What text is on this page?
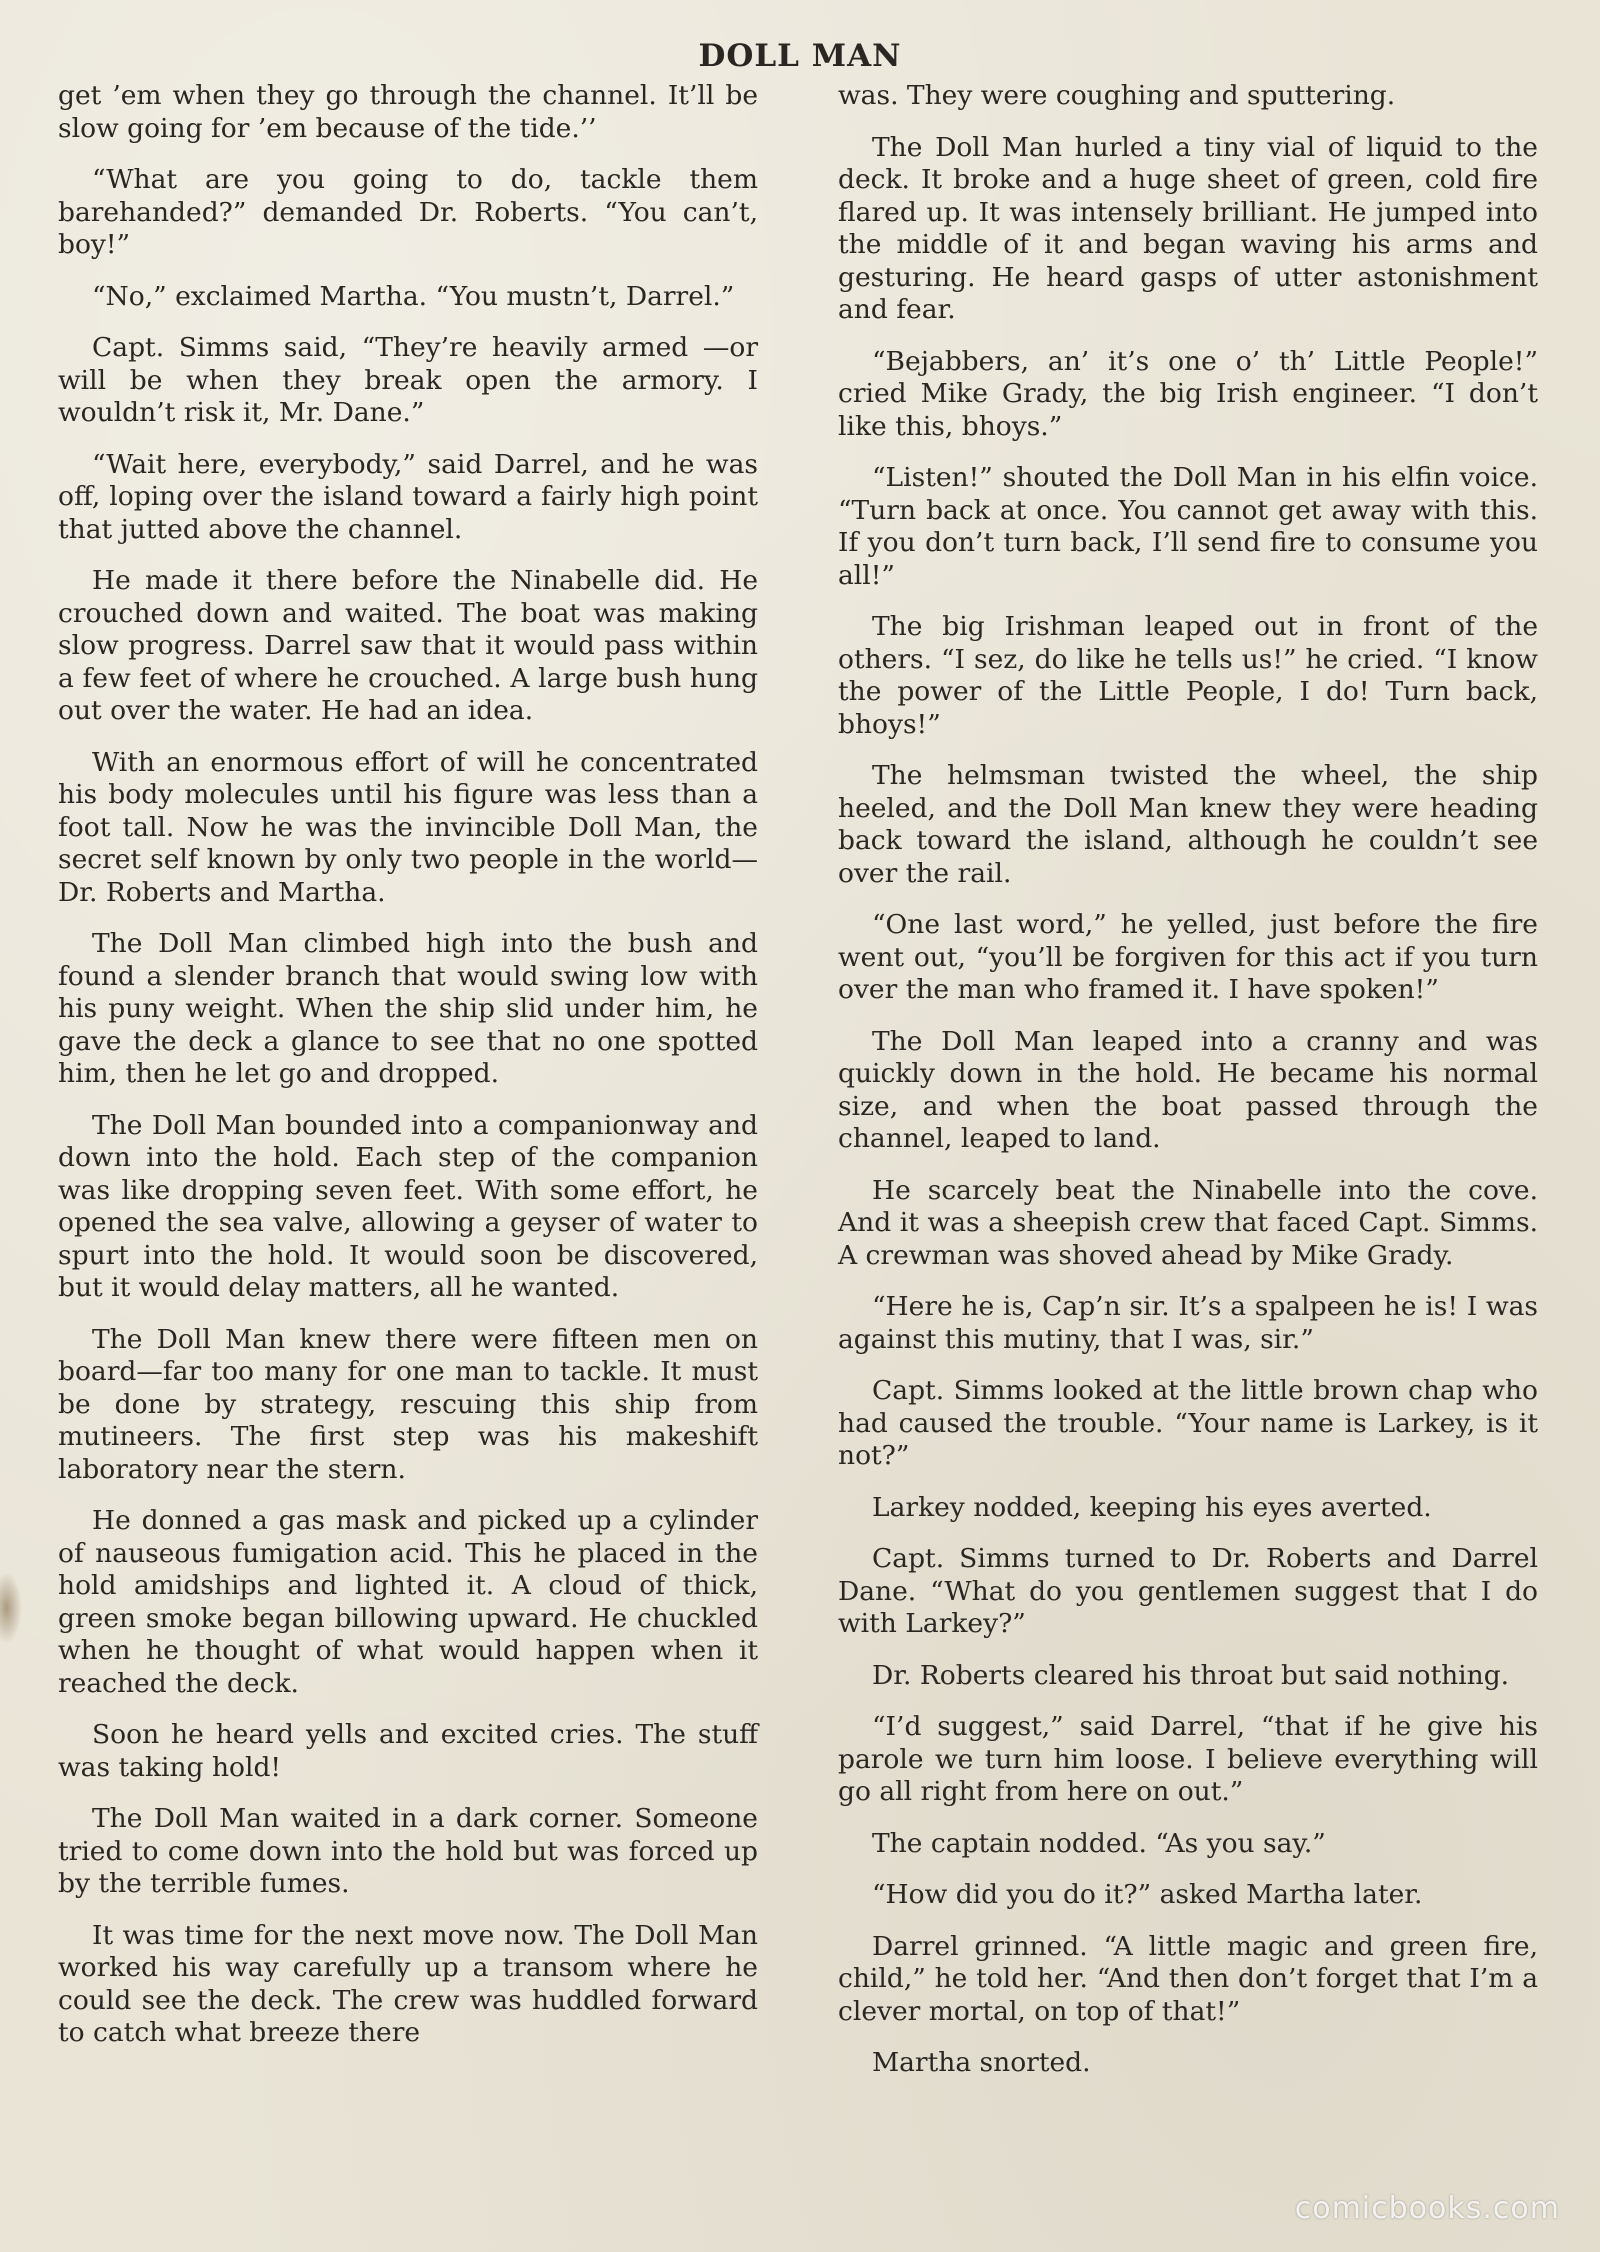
DOLL MAN

get ’em when they go through the channel. It’ll be slow going for ’em because of the tide.’’

“What are you going to do, tackle them barehanded?” demanded Dr. Roberts. “You can’t, boy!”

“No,” exclaimed Martha. “You mustn’t, Darrel.”

Capt. Simms said, “They’re heavily armed —or will be when they break open the armory. I wouldn’t risk it, Mr. Dane.”

“Wait here, everybody,” said Darrel, and he was off, loping over the island toward a fairly high point that jutted above the channel.

He made it there before the Ninabelle did. He crouched down and waited. The boat was making slow progress. Darrel saw that it would pass within a few feet of where he crouched. A large bush hung out over the water. He had an idea.

With an enormous effort of will he concentrated his body molecules until his figure was less than a foot tall. Now he was the invincible Doll Man, the secret self known by only two people in the world—Dr. Roberts and Martha.

The Doll Man climbed high into the bush and found a slender branch that would swing low with his puny weight. When the ship slid under him, he gave the deck a glance to see that no one spotted him, then he let go and dropped.

The Doll Man bounded into a companionway and down into the hold. Each step of the companion was like dropping seven feet. With some effort, he opened the sea valve, allowing a geyser of water to spurt into the hold. It would soon be discovered, but it would delay matters, all he wanted.

The Doll Man knew there were fifteen men on board—far too many for one man to tackle. It must be done by strategy, rescuing this ship from mutineers. The first step was his makeshift laboratory near the stern.

He donned a gas mask and picked up a cylinder of nauseous fumigation acid. This he placed in the hold amidships and lighted it. A cloud of thick, green smoke began billowing upward. He chuckled when he thought of what would happen when it reached the deck.

Soon he heard yells and excited cries. The stuff was taking hold!

The Doll Man waited in a dark corner. Someone tried to come down into the hold but was forced up by the terrible fumes.

It was time for the next move now. The Doll Man worked his way carefully up a transom where he could see the deck. The crew was huddled forward to catch what breeze there

was. They were coughing and sputtering.

The Doll Man hurled a tiny vial of liquid to the deck. It broke and a huge sheet of green, cold fire flared up. It was intensely brilliant. He jumped into the middle of it and began waving his arms and gesturing. He heard gasps of utter astonishment and fear.

“Bejabbers, an’ it’s one o’ th’ Little People!” cried Mike Grady, the big Irish engineer. “I don’t like this, bhoys.”

“Listen!” shouted the Doll Man in his elfin voice. “Turn back at once. You cannot get away with this. If you don’t turn back, I’ll send fire to consume you all!”

The big Irishman leaped out in front of the others. “I sez, do like he tells us!” he cried. “I know the power of the Little People, I do! Turn back, bhoys!”

The helmsman twisted the wheel, the ship heeled, and the Doll Man knew they were heading back toward the island, although he couldn’t see over the rail.

“One last word,” he yelled, just before the fire went out, “you’ll be forgiven for this act if you turn over the man who framed it. I have spoken!”

The Doll Man leaped into a cranny and was quickly down in the hold. He became his normal size, and when the boat passed through the channel, leaped to land.

He scarcely beat the Ninabelle into the cove. And it was a sheepish crew that faced Capt. Simms. A crewman was shoved ahead by Mike Grady.

“Here he is, Cap’n sir. It’s a spalpeen he is! I was against this mutiny, that I was, sir.”

Capt. Simms looked at the little brown chap who had caused the trouble. “Your name is Larkey, is it not?”

Larkey nodded, keeping his eyes averted.

Capt. Simms turned to Dr. Roberts and Darrel Dane. “What do you gentlemen suggest that I do with Larkey?”

Dr. Roberts cleared his throat but said nothing.

“I’d suggest,” said Darrel, “that if he give his parole we turn him loose. I believe everything will go all right from here on out.”

The captain nodded. “As you say.”

“How did you do it?” asked Martha later.

Darrel grinned. “A little magic and green fire, child,” he told her. “And then don’t forget that I’m a clever mortal, on top of that!”

Martha snorted.

comicbooks.com
